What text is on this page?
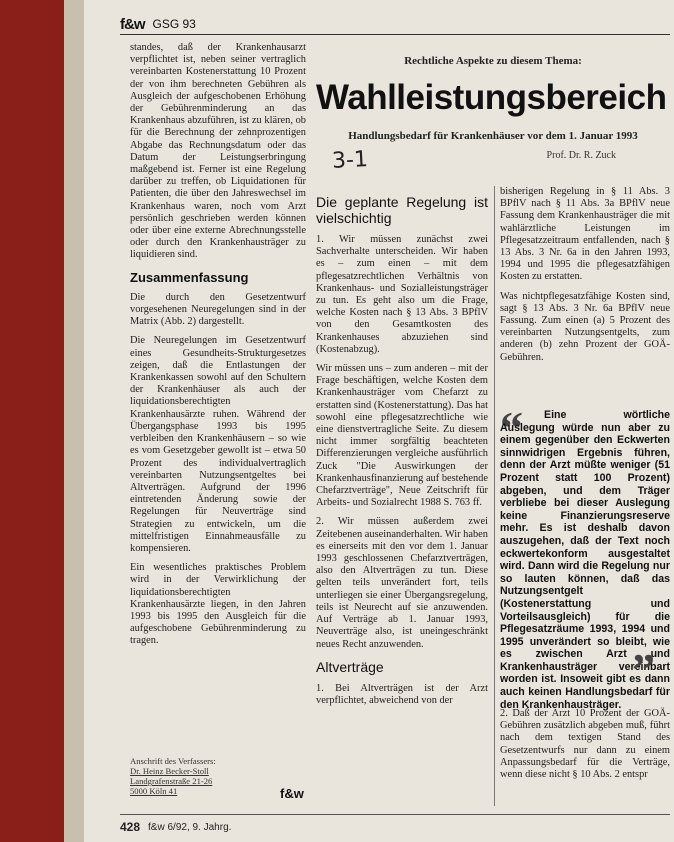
f&w GSG 93

standes, daß der Krankenhausarzt verpflichtet ist, neben seiner vertraglich vereinbarten Kostenerstattung 10 Prozent der von ihm berechneten Gebühren als Ausgleich der aufgeschobenen Erhöhung der Gebührenminderung an das Krankenhaus abzuführen, ist zu klären, ob für die Berechnung der zehnprozentigen Abgabe das Rechnungsdatum oder das Datum der Leistungserbringung maßgebend ist. Ferner ist eine Regelung darüber zu treffen, ob Liquidationen für Patienten, die über den Jahreswechsel im Krankenhaus waren, noch vom Arzt persönlich geschrieben werden können oder über eine externe Abrechnungsstelle oder durch den Krankenhausträger zu liquidieren sind.

Zusammenfassung

Die durch den Gesetzentwurf vorgesehenen Neuregelungen sind in der Matrix (Abb. 2) dargestellt.

Die Neuregelungen im Gesetzentwurf eines Gesundheits-Strukturgesetzes zeigen, daß die Entlastungen der Krankenkassen sowohl auf den Schultern der Krankenhäuser als auch der liquidationsberechtigten Krankenhausärzte ruhen. Während der Übergangsphase 1993 bis 1995 verbleiben den Krankenhäusern – so wie es vom Gesetzgeber gewollt ist – etwa 50 Prozent des individualvertraglich vereinbarten Nutzungsentgeltes bei Altverträgen. Aufgrund der 1996 eintretenden Änderung sowie der Regelungen für Neuverträge sind Strategien zu entwickeln, um die mittelfristigen Einnahmeausfälle zu kompensieren.

Ein wesentliches praktisches Problem wird in der Verwirklichung der liquidationsberechtigten Krankenhausärzte liegen, in den Jahren 1993 bis 1995 den Ausgleich für die aufgeschobene Gebührenminderung zu tragen.

Anschrift des Verfassers:
Dr. Heinz Becker-Stoll
Landgrafenstraße 21-26
5000 Köln 41	f&w
Rechtliche Aspekte zu diesem Thema:
Wahlleistungsbereich
Handlungsbedarf für Krankenhäuser vor dem 1. Januar 1993
3-1	Prof. Dr. R. Zuck
Die geplante Regelung ist vielschichtig

1. Wir müssen zunächst zwei Sachverhalte unterscheiden. Wir haben es – zum einen – mit dem pflegesatzrechtlichen Verhältnis von Krankenhaus- und Sozialleistungsträger zu tun. Es geht also um die Frage, welche Kosten nach § 13 Abs. 3 BPflV von den Gesamtkosten des Krankenhauses abzuziehen sind (Kostenabzug).

Wir müssen uns – zum anderen – mit der Frage beschäftigen, welche Kosten dem Krankenhausträger vom Chefarzt zu erstatten sind (Kostenerstattung). Das hat sowohl eine pflegesatzrechtliche wie eine dienstvertragliche Seite. Zu diesem nicht immer sorgfältig beachteten Differenzierungen vergleiche ausführlich Zuck "Die Auswirkungen der Krankenhausfinanzierung auf bestehende Chefarztverträge", Neue Zeitschrift für Arbeits- und Sozialrecht 1988 S. 763 ff.

2. Wir müssen außerdem zwei Zeitebenen auseinanderhalten. Wir haben es einerseits mit den vor dem 1. Januar 1993 geschlossenen Chefarztverträgen, also den Altverträgen zu tun. Diese gelten teils unverändert fort, teils unterliegen sie einer Übergangsregelung, teils ist Neurecht auf sie anzuwenden. Auf Verträge ab 1. Januar 1993, Neuverträge also, ist uneingeschränkt neues Recht anzuwenden.

Altverträge

1. Bei Altverträgen ist der Arzt verpflichtet, abweichend von der

bisherigen Regelung in § 11 Abs. 3 BPflV nach § 11 Abs. 3a BPflV neue Fassung dem Krankenhausträger die mit wahlärztliche Leistungen im Pflegesatzzeitraum entfallenden, nach § 13 Abs. 3 Nr. 6a in den Jahren 1993, 1994 und 1995 die pflegesatzfähigen Kosten zu erstatten.

Was nichtpflegesatzfähige Kosten sind, sagt § 13 Abs. 3 Nr. 6a BPflV neue Fassung. Zum einen (a) 5 Prozent des vereinbarten Nutzungsentgelts, zum anderen (b) zehn Prozent der GOÄ-Gebühren.

“	Eine wörtliche Auslegung würde nun aber zu einem gegenüber den Eckwerten sinnwidrigen Ergebnis führen, denn der Arzt müßte weniger (51 Prozent statt 100 Prozent) abgeben, und dem Träger verbliebe bei dieser Auslegung keine Finanzierungsreserve mehr. Es ist deshalb davon auszugehen, daß der Text noch eckwertekonform ausgestaltet wird. Dann wird die Regelung nur so lauten können, daß das Nutzungsentgelt (Kostenerstattung und Vorteilsausgleich) für die Pflegesatzräume 1993, 1994 und 1995 unverändert so bleibt, wie es zwischen Arzt und Krankenhausträger vereinbart worden ist. Insoweit gibt es dann auch keinen Handlungsbedarf für den Krankenhausträger.
”

2. Daß der Arzt 10 Prozent der GOÄ-Gebühren zusätzlich abgeben muß, führt nach dem textigen Stand des Gesetzentwurfs nur dann zu einem Anpassungsbedarf für die Verträge, wenn diese nicht § 10 Abs. 2 entspr

428 f&w 6/92, 9. Jahrg.
